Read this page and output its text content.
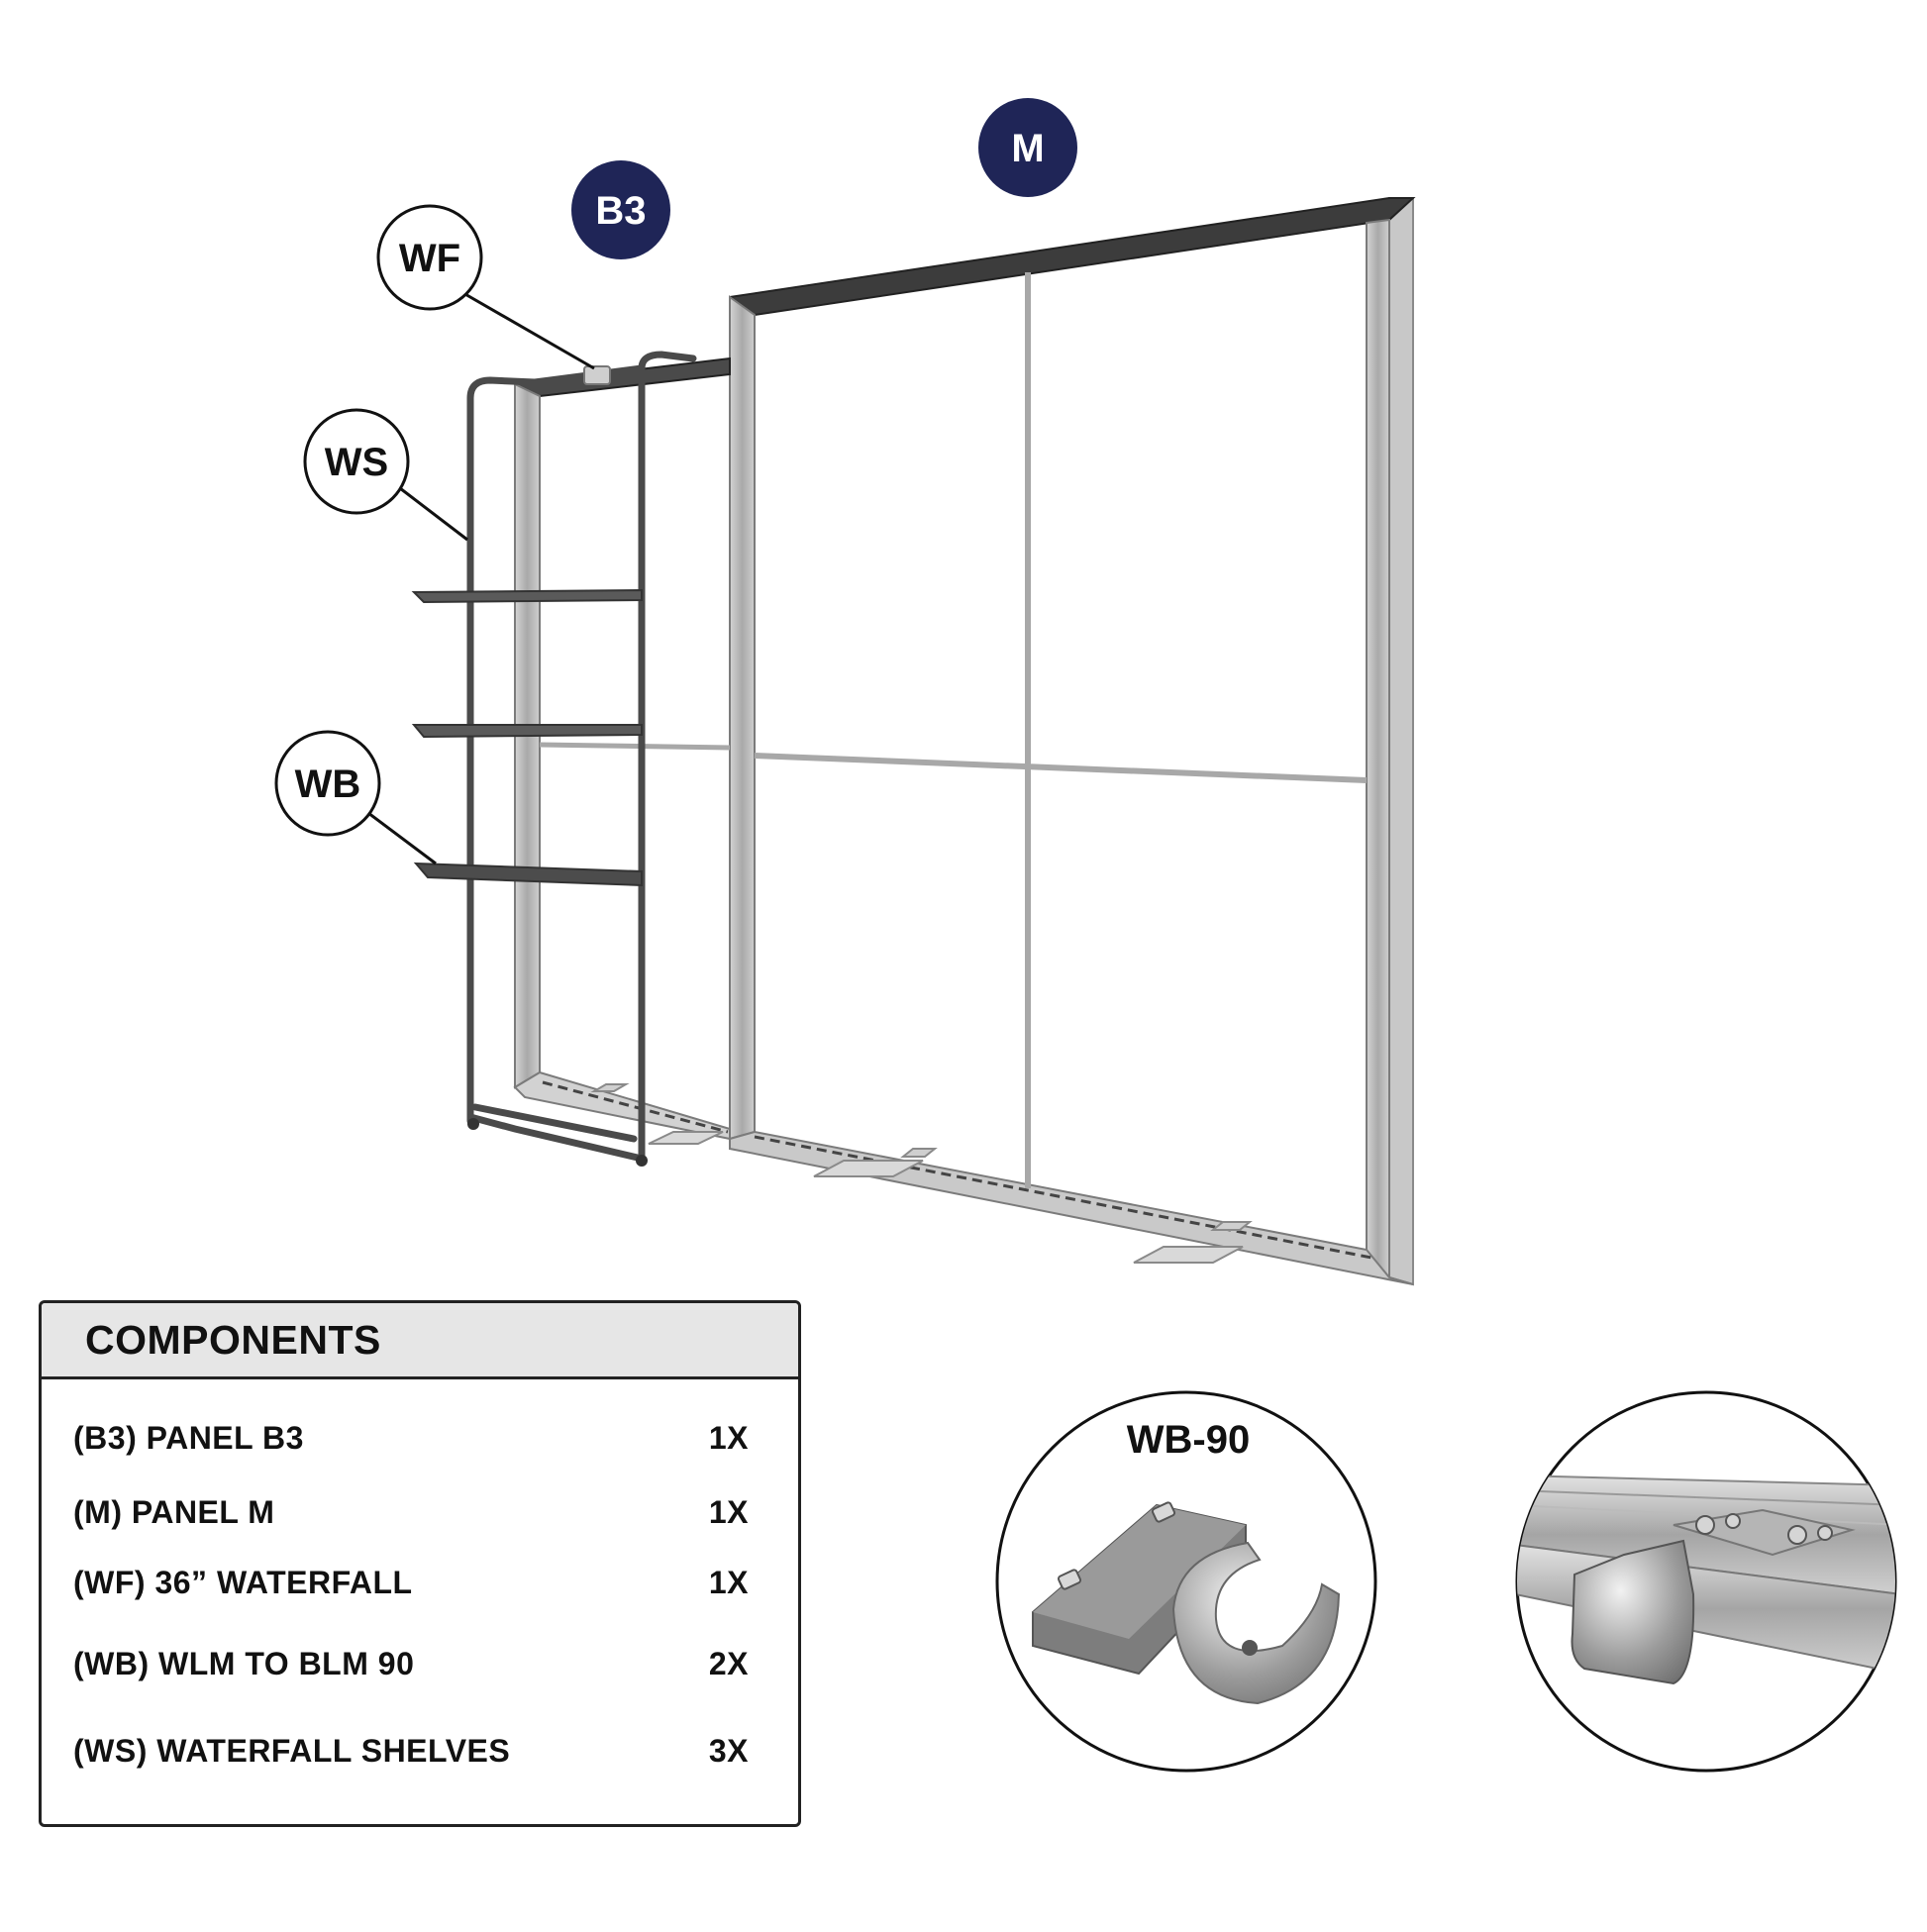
WF
WS
WB
B3
M
WB-90
COMPONENTS
(B3) PANEL B3	1X
(M) PANEL M	1X
(WF) 36” WATERFALL	1X
(WB) WLM TO BLM 90	2X
(WS) WATERFALL SHELVES	3X
